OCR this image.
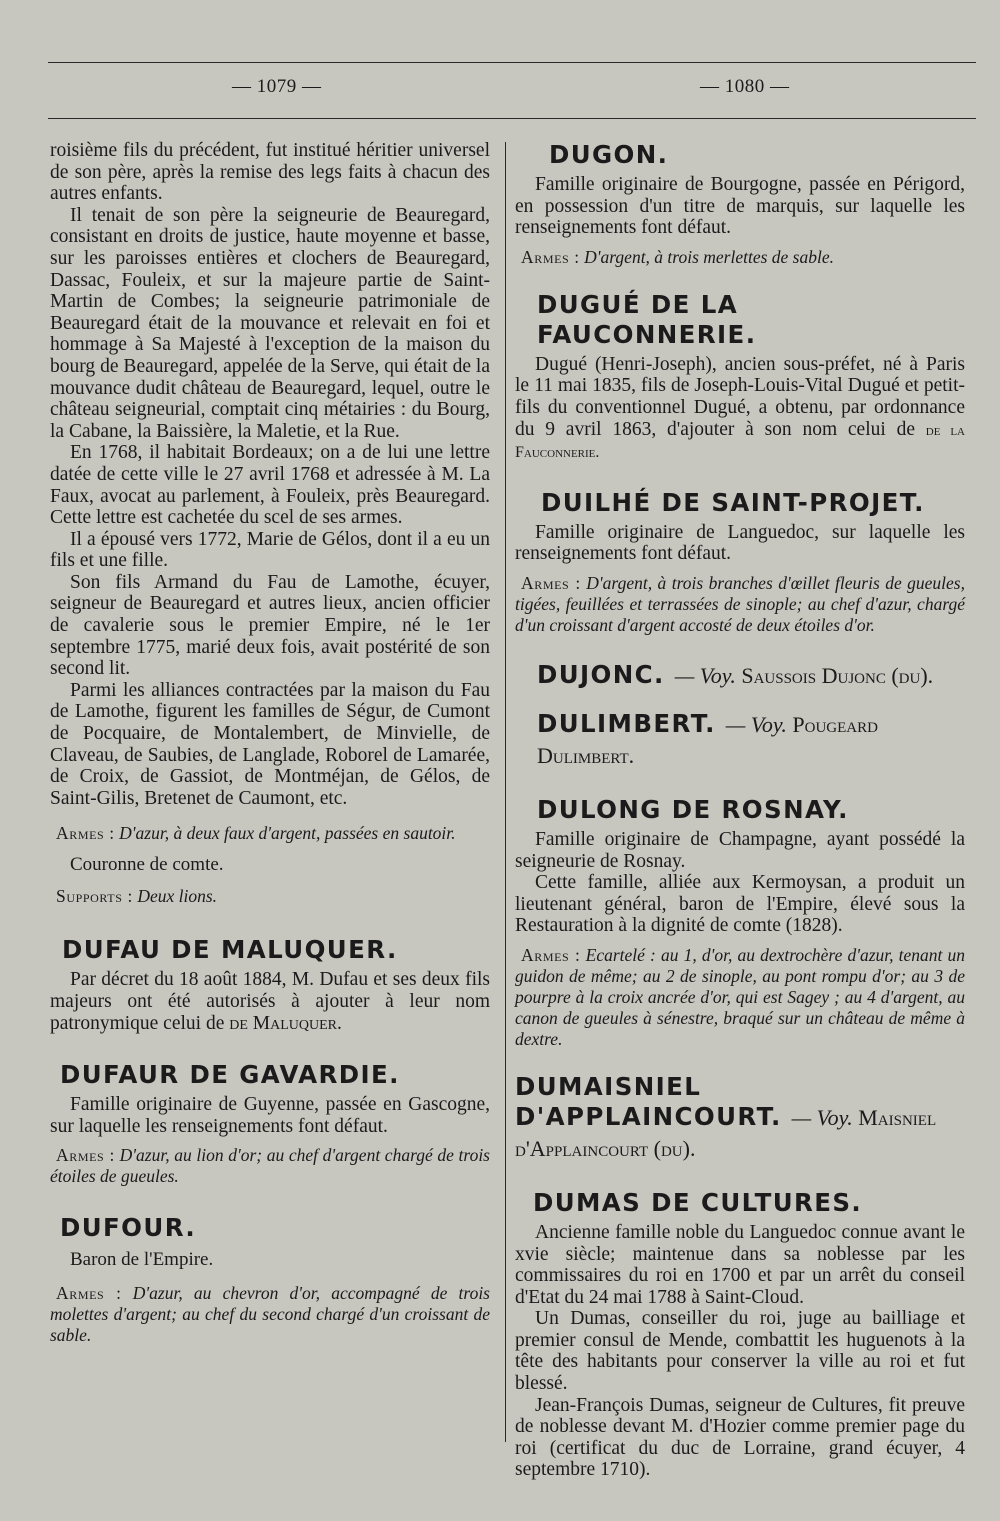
— 1079 —	— 1080 —

roisième fils du précédent, fut institué héritier universel de son père, après la remise des legs faits à chacun des autres enfants.

Il tenait de son père la seigneurie de Beauregard, consistant en droits de justice, haute moyenne et basse, sur les paroisses entières et clochers de Beauregard, Dassac, Fouleix, et sur la majeure partie de Saint-Martin de Combes; la seigneurie patrimoniale de Beauregard était de la mouvance et relevait en foi et hommage à Sa Majesté à l'exception de la maison du bourg de Beauregard, appelée de la Serve, qui était de la mouvance dudit château de Beauregard, lequel, outre le château seigneurial, comptait cinq métairies : du Bourg, la Cabane, la Baissière, la Maletie, et la Rue.

En 1768, il habitait Bordeaux; on a de lui une lettre datée de cette ville le 27 avril 1768 et adressée à M. La Faux, avocat au parlement, à Fouleix, près Beauregard. Cette lettre est cachetée du scel de ses armes.

Il a épousé vers 1772, Marie de Gélos, dont il a eu un fils et une fille.

Son fils Armand du Fau de Lamothe, écuyer, seigneur de Beauregard et autres lieux, ancien officier de cavalerie sous le premier Empire, né le 1er septembre 1775, marié deux fois, avait postérité de son second lit.

Parmi les alliances contractées par la maison du Fau de Lamothe, figurent les familles de Ségur, de Cumont de Pocquaire, de Montalembert, de Minvielle, de Claveau, de Saubies, de Langlade, Roborel de Lamarée, de Croix, de Gassiot, de Montméjan, de Gélos, de Saint-Gilis, Bretenet de Caumont, etc.

Armes : D'azur, à deux faux d'argent, passées en sautoir.

Couronne de comte.

Supports : Deux lions.

DUFAU DE MALUQUER.

Par décret du 18 août 1884, M. Dufau et ses deux fils majeurs ont été autorisés à ajouter à leur nom patronymique celui de de Maluquer.

DUFAUR DE GAVARDIE.

Famille originaire de Guyenne, passée en Gascogne, sur laquelle les renseignements font défaut.

Armes : D'azur, au lion d'or; au chef d'argent chargé de trois étoiles de gueules.

DUFOUR.

Baron de l'Empire.

Armes : D'azur, au chevron d'or, accompagné de trois molettes d'argent; au chef du second chargé d'un croissant de sable.

DUGON.

Famille originaire de Bourgogne, passée en Périgord, en possession d'un titre de marquis, sur laquelle les renseignements font défaut.

Armes : D'argent, à trois merlettes de sable.

DUGUÉ DE LA FAUCONNERIE.

Dugué (Henri-Joseph), ancien sous-préfet, né à Paris le 11 mai 1835, fils de Joseph-Louis-Vital Dugué et petit-fils du conventionnel Dugué, a obtenu, par ordonnance du 9 avril 1863, d'ajouter à son nom celui de de la Fauconnerie.

DUILHÉ DE SAINT-PROJET.

Famille originaire de Languedoc, sur laquelle les renseignements font défaut.

Armes : D'argent, à trois branches d'œillet fleuris de gueules, tigées, feuillées et terrassées de sinople; au chef d'azur, chargé d'un croissant d'argent accosté de deux étoiles d'or.

DUJONC. — Voy. Saussois Dujonc (du).
DULIMBERT. — Voy. Pougeard Dulimbert.
DULONG DE ROSNAY.

Famille originaire de Champagne, ayant possédé la seigneurie de Rosnay.

Cette famille, alliée aux Kermoysan, a produit un lieutenant général, baron de l'Empire, élevé sous la Restauration à la dignité de comte (1828).

Armes : Ecartelé : au 1, d'or, au dextrochère d'azur, tenant un guidon de même; au 2 de sinople, au pont rompu d'or; au 3 de pourpre à la croix ancrée d'or, qui est Sagey ; au 4 d'argent, au canon de gueules à sénestre, braqué sur un château de même à dextre.

DUMAISNIEL D'APPLAINCOURT. — Voy. Maisniel d'Applaincourt (du).
DUMAS DE CULTURES.

Ancienne famille noble du Languedoc connue avant le xvie siècle; maintenue dans sa noblesse par les commissaires du roi en 1700 et par un arrêt du conseil d'Etat du 24 mai 1788 à Saint-Cloud.

Un Dumas, conseiller du roi, juge au bailliage et premier consul de Mende, combattit les huguenots à la tête des habitants pour conserver la ville au roi et fut blessé.

Jean-François Dumas, seigneur de Cultures, fit preuve de noblesse devant M. d'Hozier comme premier page du roi (certificat du duc de Lorraine, grand écuyer, 4 septembre 1710).
